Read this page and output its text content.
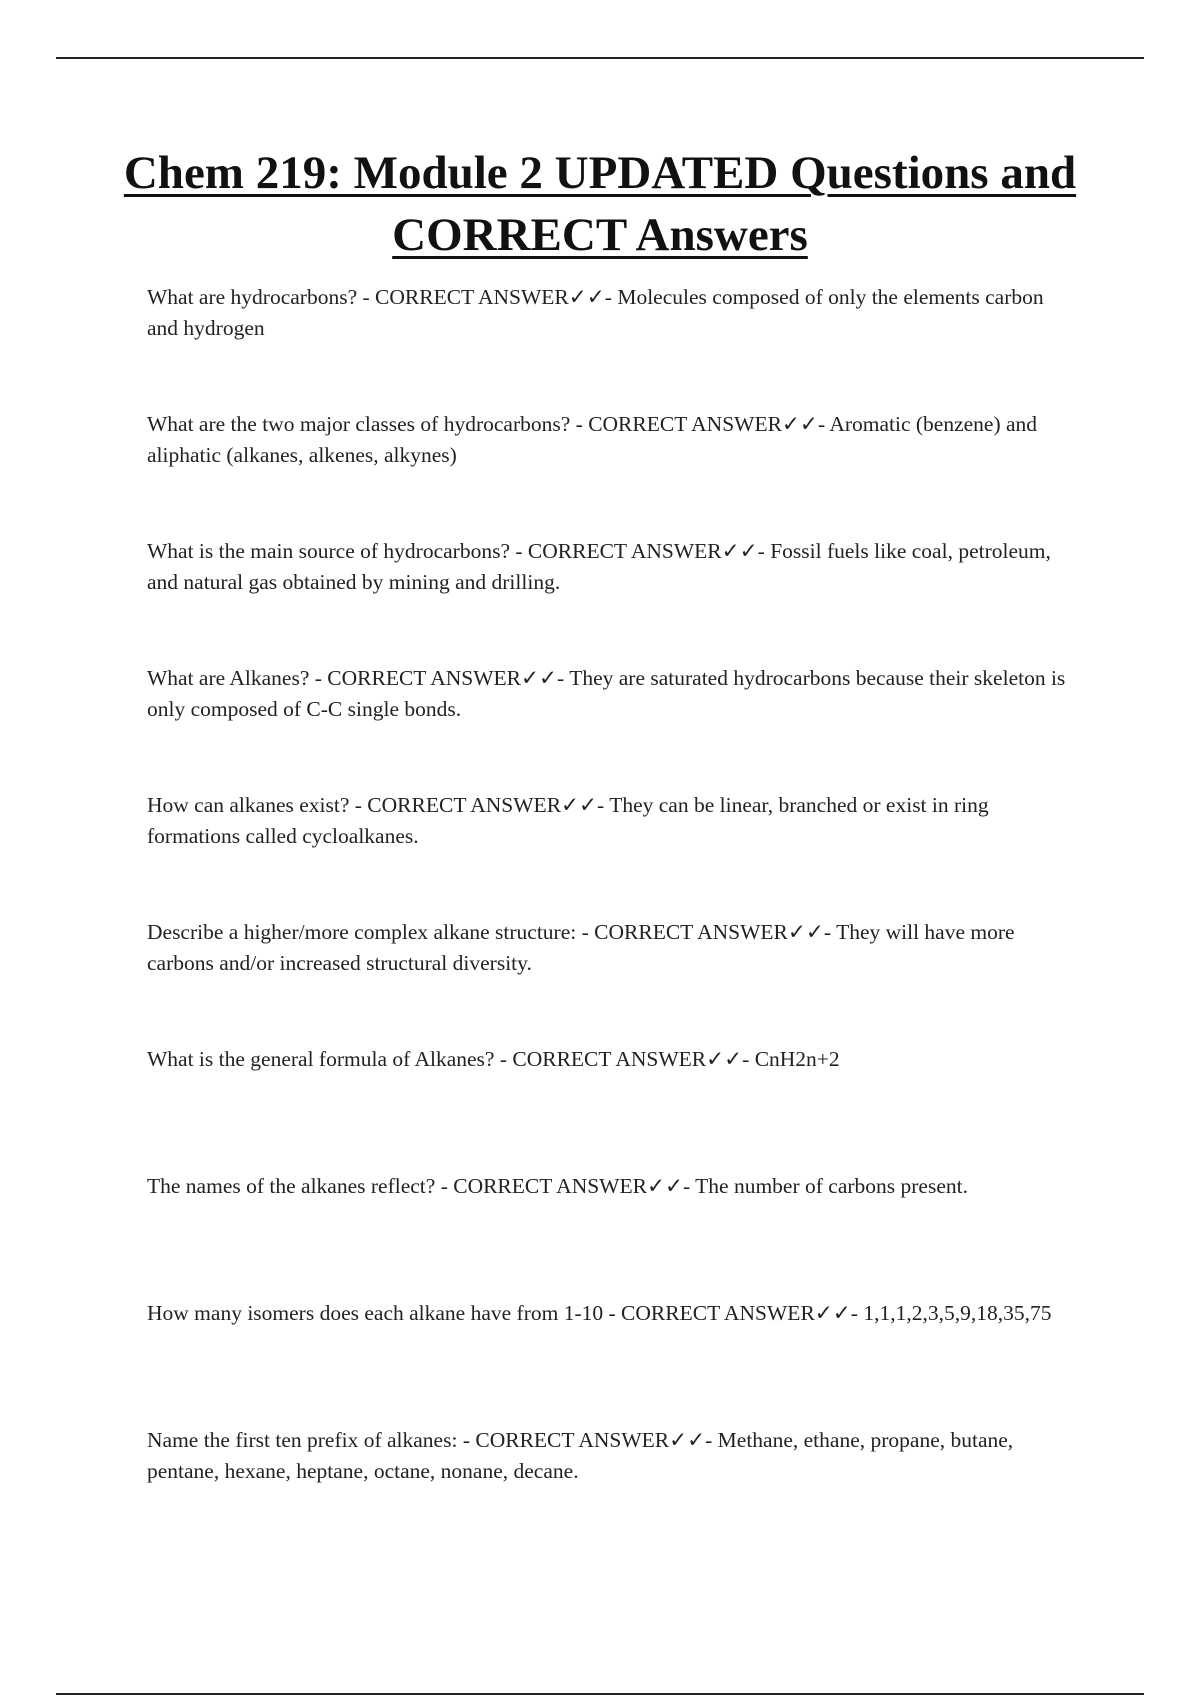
Chem 219: Module 2 UPDATED Questions and CORRECT Answers
What are hydrocarbons? - CORRECT ANSWER✓✓- Molecules composed of only the elements carbon and hydrogen
What are the two major classes of hydrocarbons? - CORRECT ANSWER✓✓- Aromatic (benzene) and aliphatic (alkanes, alkenes, alkynes)
What is the main source of hydrocarbons? - CORRECT ANSWER✓✓- Fossil fuels like coal, petroleum, and natural gas obtained by mining and drilling.
What are Alkanes? - CORRECT ANSWER✓✓- They are saturated hydrocarbons because their skeleton is only composed of C-C single bonds.
How can alkanes exist? - CORRECT ANSWER✓✓- They can be linear, branched or exist in ring formations called cycloalkanes.
Describe a higher/more complex alkane structure: - CORRECT ANSWER✓✓- They will have more carbons and/or increased structural diversity.
What is the general formula of Alkanes? - CORRECT ANSWER✓✓- CnH2n+2
The names of the alkanes reflect? - CORRECT ANSWER✓✓- The number of carbons present.
How many isomers does each alkane have from 1-10 - CORRECT ANSWER✓✓- 1,1,1,2,3,5,9,18,35,75
Name the first ten prefix of alkanes: - CORRECT ANSWER✓✓- Methane, ethane, propane, butane, pentane, hexane, heptane, octane, nonane, decane.
